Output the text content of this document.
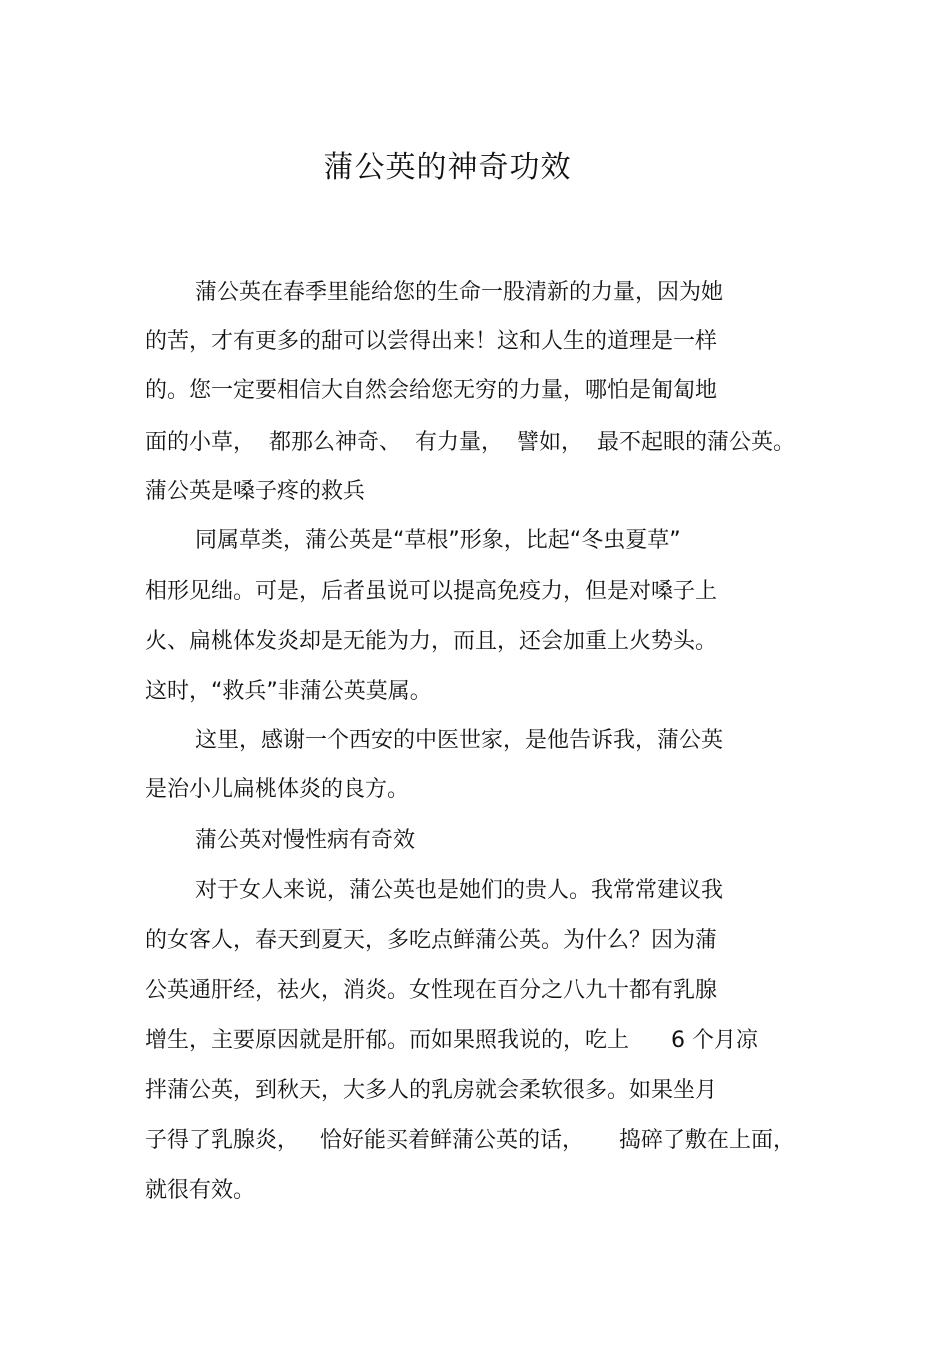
蒲公英的神奇功效
蒲公英在春季里能给您的生命一股清新的力量，因为她
的苦，才有更多的甜可以尝得出来！这和人生的道理是一样
的。您一定要相信大自然会给您无穷的力量，哪怕是匍匐地
面的小草，  都那么神奇、  有力量，  譬如，  最不起眼的蒲公英。
蒲公英是嗓子疼的救兵
同属草类，蒲公英是“草根”形象，比起“冬虫夏草”
相形见绌。可是，后者虽说可以提高免疫力，但是对嗓子上
火、扁桃体发炎却是无能为力，而且，还会加重上火势头。
这时，“救兵”非蒲公英莫属。
这里，感谢一个西安的中医世家，是他告诉我，蒲公英
是治小儿扁桃体炎的良方。
蒲公英对慢性病有奇效
对于女人来说，蒲公英也是她们的贵人。我常常建议我
的女客人，春天到夏天，多吃点鲜蒲公英。为什么？因为蒲
公英通肝经，祛火，消炎。女性现在百分之八九十都有乳腺
增生，主要原因就是肝郁。而如果照我说的，吃上      6 个月凉
拌蒲公英，到秋天，大多人的乳房就会柔软很多。如果坐月
子得了乳腺炎，   恰好能买着鲜蒲公英的话，     捣碎了敷在上面，
就很有效。
